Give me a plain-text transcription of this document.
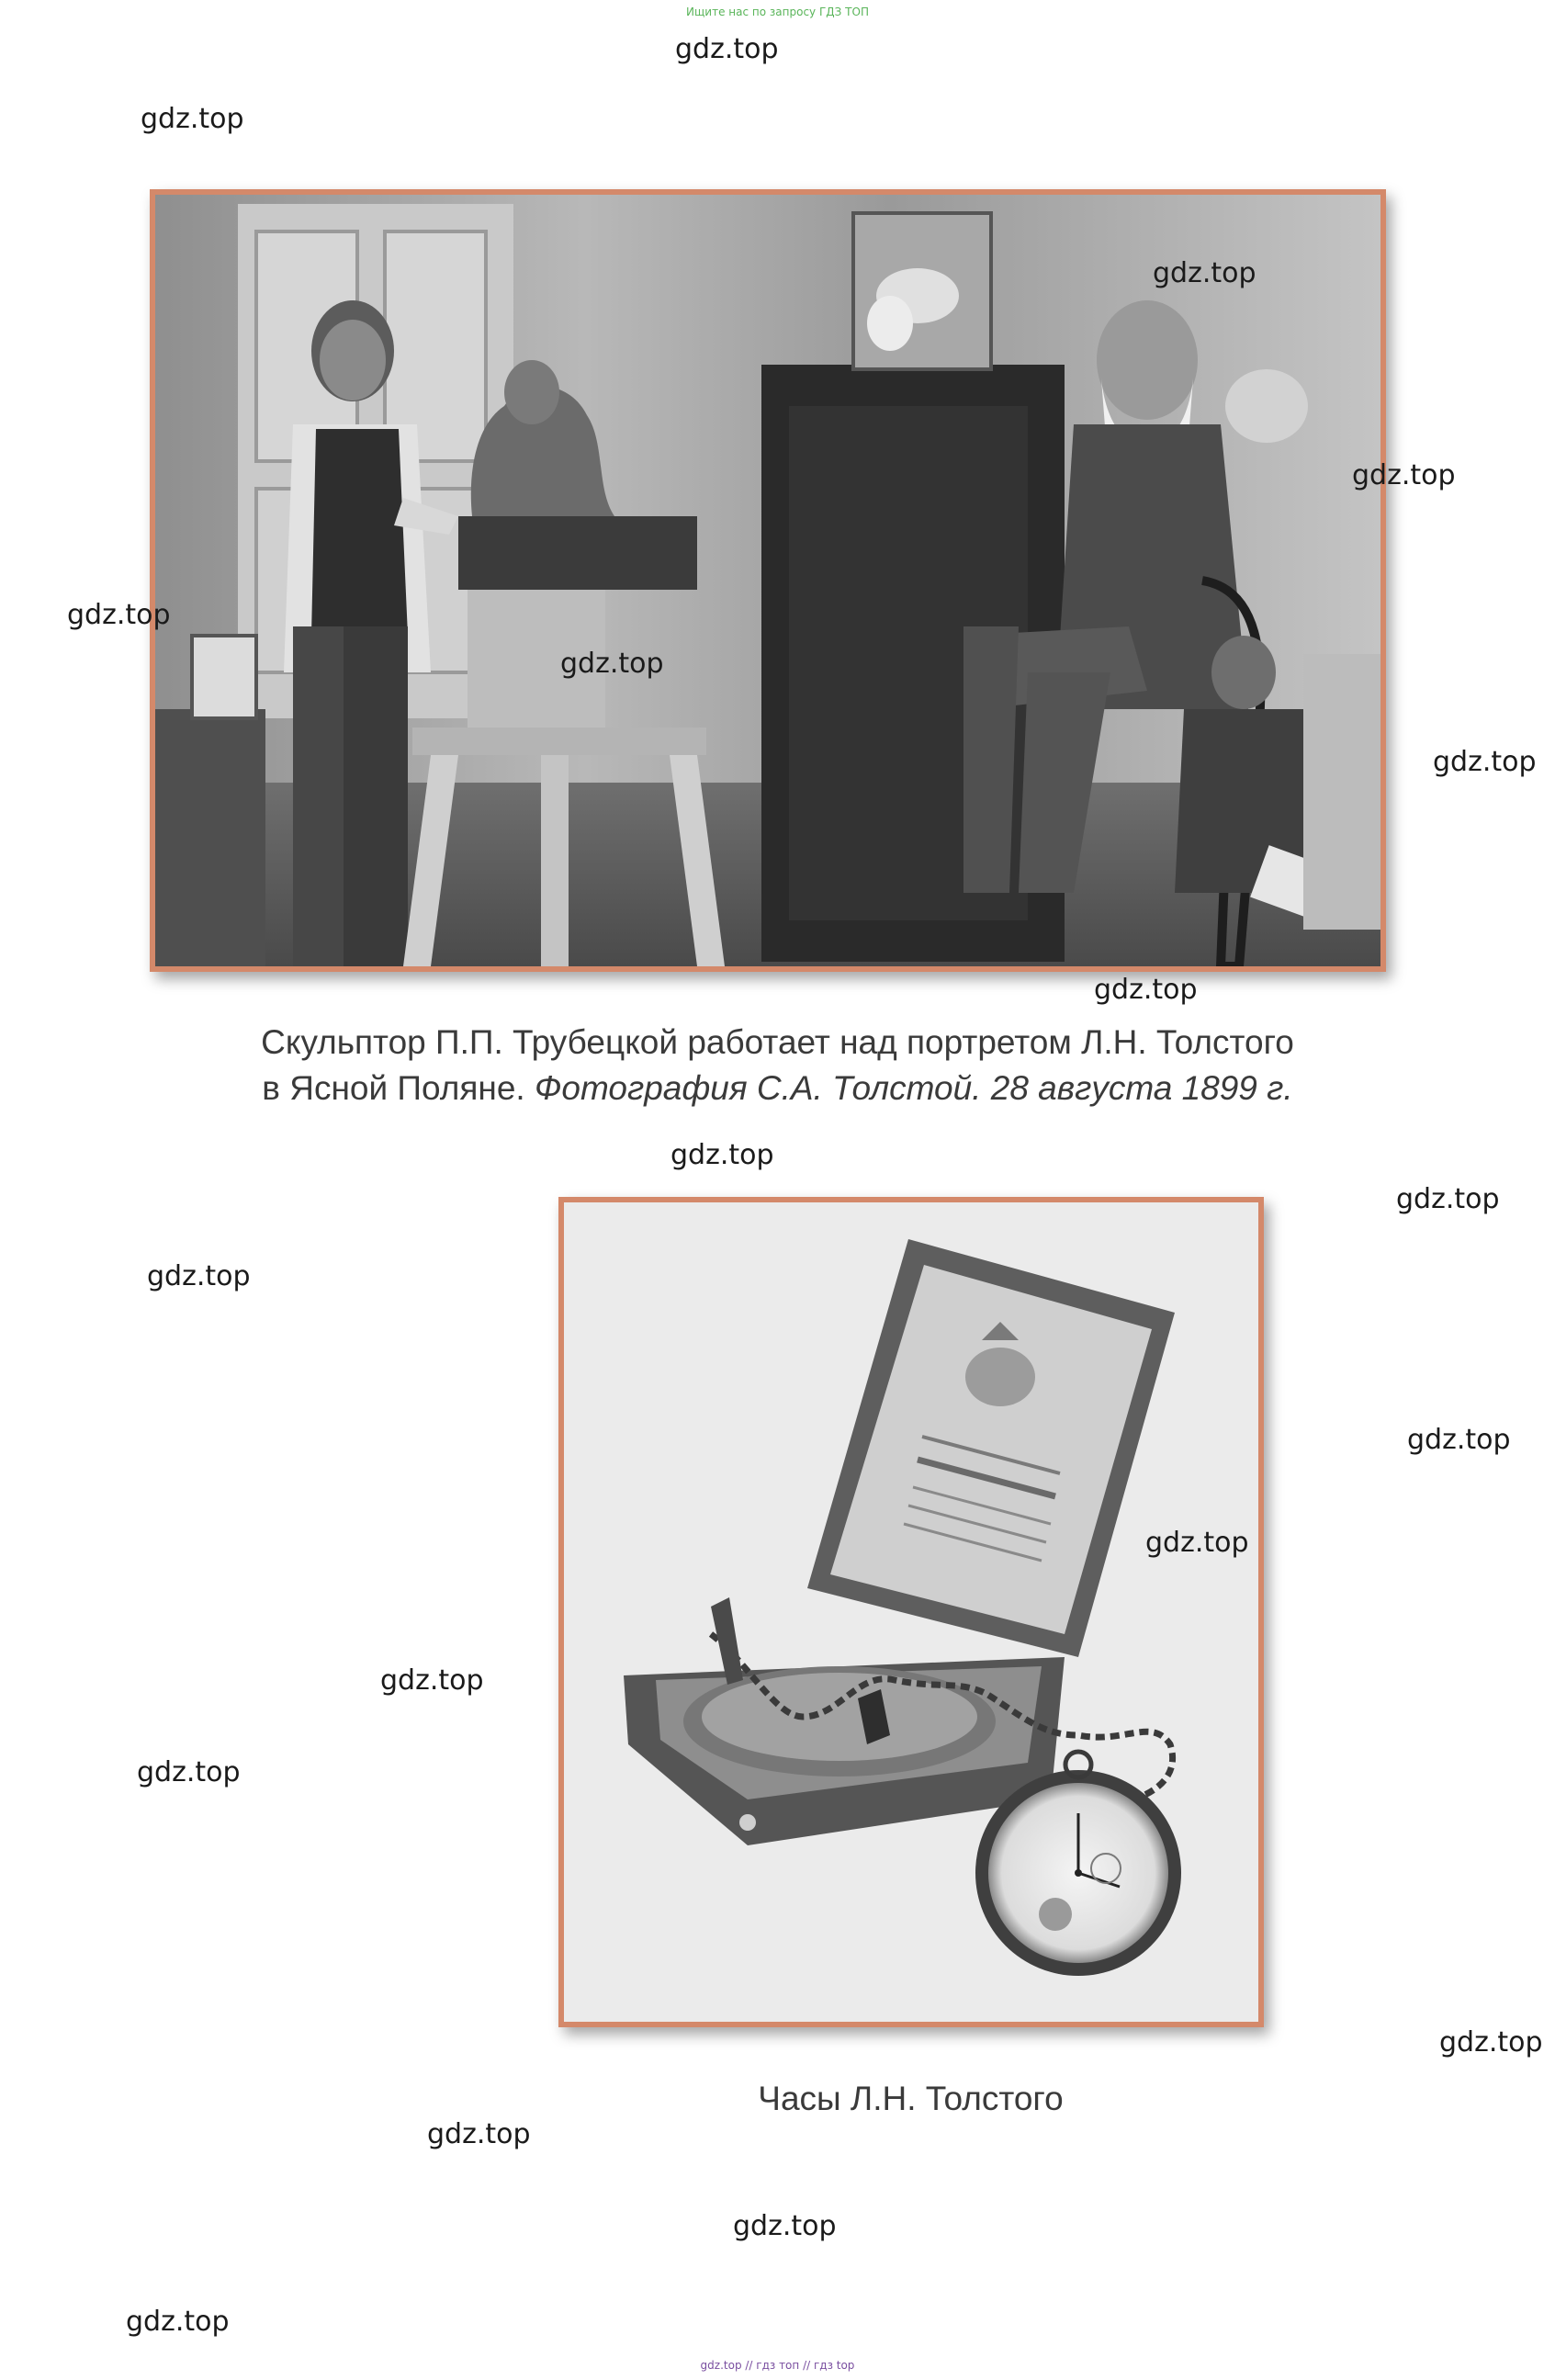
Ищите нас по запросу ГДЗ ТОП
Скульптор П.П. Трубецкой работает над портретом Л.Н. Толстого
в Ясной Поляне. Фотография С.А. Толстой. 28 августа 1899 г.
Часы Л.Н. Толстого
gdz.top
gdz.top
gdz.top
gdz.top
gdz.top
gdz.top
gdz.top
gdz.top
gdz.top
gdz.top
gdz.top
gdz.top
gdz.top
gdz.top
gdz.top
gdz.top
gdz.top
gdz.top
gdz.top
gdz.top // гдз топ // гдз top
